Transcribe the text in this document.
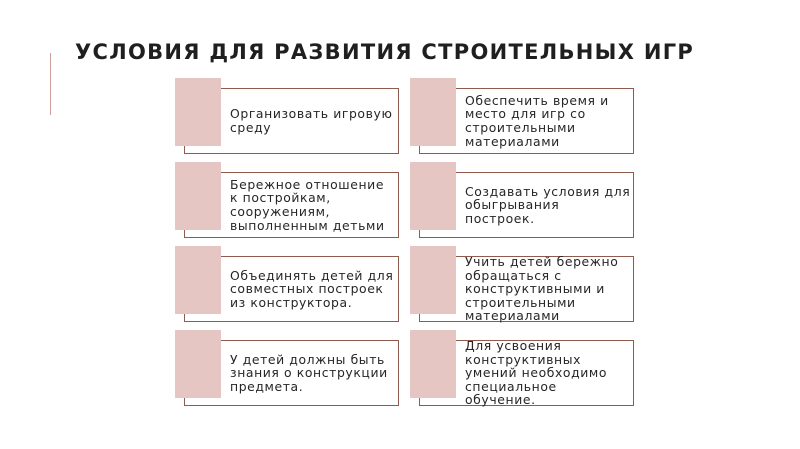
УСЛОВИЯ ДЛЯ РАЗВИТИЯ СТРОИТЕЛЬНЫХ ИГР
Организовать игровую среду
Обеспечить время и место для игр со строительными материалами
Бережное отношение к постройкам, сооружениям, выполненным детьми
Создавать условия для обыгрывания построек.
Объединять детей для совместных построек из конструктора.
Учить детей бережно обращаться с конструктивными и строительными материалами
У детей должны быть знания о конструкции предмета.
Для усвоения конструктивных умений необходимо специальное обучение.
